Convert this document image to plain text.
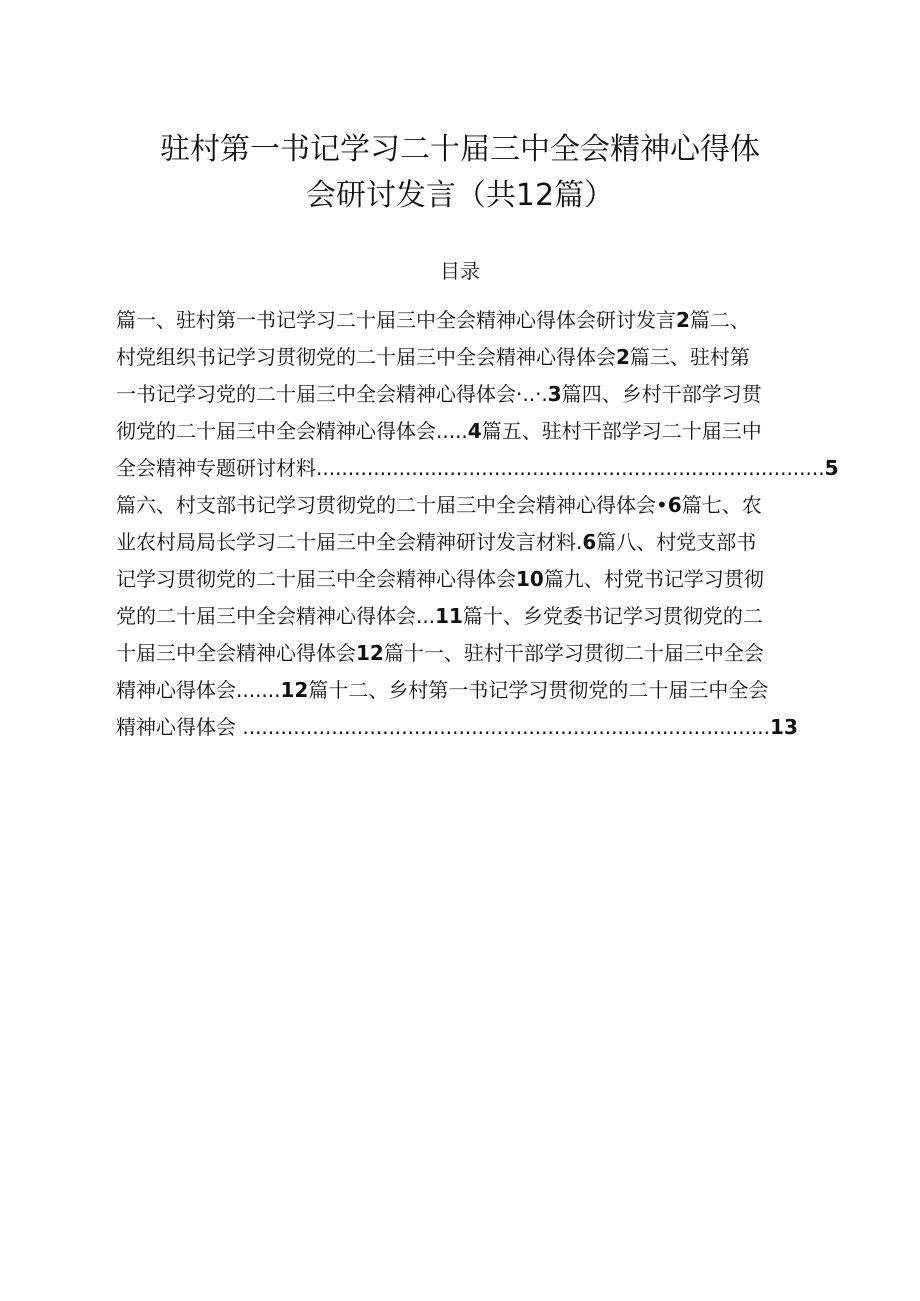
驻村第一书记学习二十届三中全会精神心得体
会研讨发言（共12篇）
目录
篇一、驻村第一书记学习二十届三中全会精神心得体会研讨发言2篇二、
村党组织书记学习贯彻党的二十届三中全会精神心得体会2篇三、驻村第
一书记学习党的二十届三中全会精神心得体会·..·.3篇四、乡村干部学习贯
彻党的二十届三中全会精神心得体会.....4篇五、驻村干部学习二十届三中
全会精神专题研讨材料................................................................................5
篇六、村支部书记学习贯彻党的二十届三中全会精神心得体会•6篇七、农
业农村局局长学习二十届三中全会精神研讨发言材料.6篇八、村党支部书
记学习贯彻党的二十届三中全会精神心得体会10篇九、村党书记学习贯彻
党的二十届三中全会精神心得体会...11篇十、乡党委书记学习贯彻党的二
十届三中全会精神心得体会12篇十一、驻村干部学习贯彻二十届三中全会
精神心得体会.......12篇十二、乡村第一书记学习贯彻党的二十届三中全会
精神心得体会 ...................................................................................13
